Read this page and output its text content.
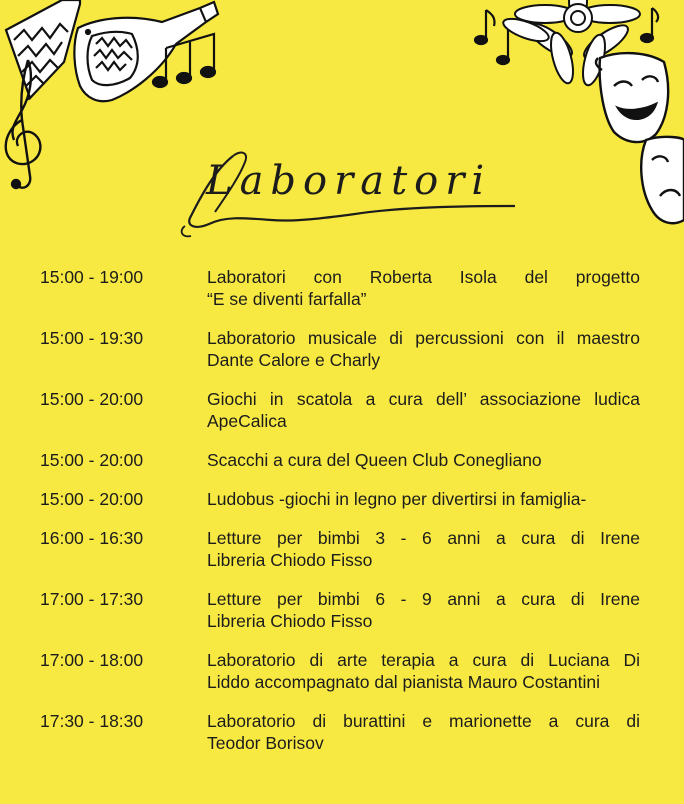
Laboratori
15:00 - 19:00	Laboratori con Roberta Isola del progetto
“E se diventi farfalla”
15:00 - 19:30	Laboratorio musicale di percussioni con il maestro
Dante Calore e Charly
15:00 - 20:00	Giochi in scatola a cura dell’ associazione ludica
ApeCalica
15:00 - 20:00	Scacchi a cura del Queen Club Conegliano
15:00 - 20:00	Ludobus -giochi in legno per divertirsi in famiglia-
16:00 - 16:30	Letture per bimbi 3 - 6 anni a cura di Irene
Libreria Chiodo Fisso
17:00 - 17:30	Letture per bimbi 6 - 9 anni a cura di Irene
Libreria Chiodo Fisso
17:00 - 18:00	Laboratorio di arte terapia a cura di Luciana Di
Liddo accompagnato dal pianista Mauro Costantini
17:30 - 18:30	Laboratorio di burattini e marionette a cura di
Teodor Borisov
